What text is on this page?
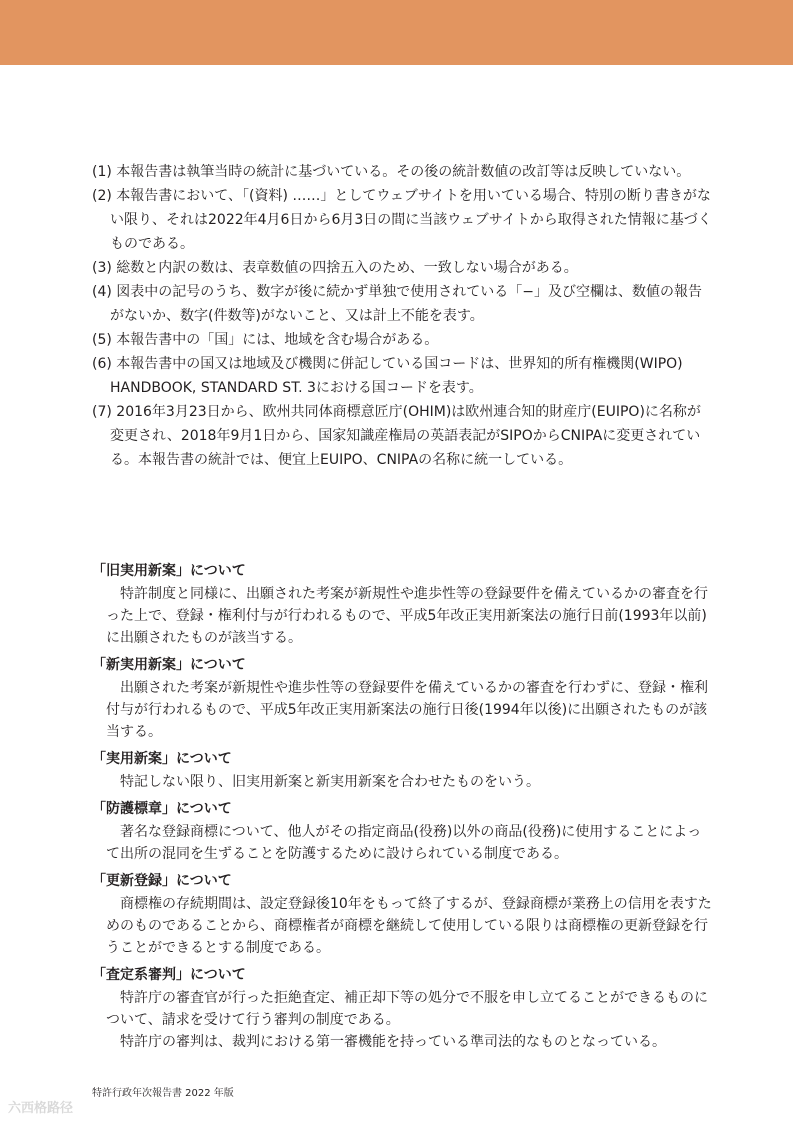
(1) 本報告書は執筆当時の統計に基づいている。その後の統計数値の改訂等は反映していない。

(2) 本報告書において、「(資料) ……」としてウェブサイトを用いている場合、特別の断り書きがない限り、それは2022年4月6日から6月3日の間に当該ウェブサイトから取得された情報に基づくものである。

(3) 総数と内訳の数は、表章数値の四捨五入のため、一致しない場合がある。

(4) 図表中の記号のうち、数字が後に続かず単独で使用されている「−」及び空欄は、数値の報告がないか、数字(件数等)がないこと、又は計上不能を表す。

(5) 本報告書中の「国」には、地域を含む場合がある。

(6) 本報告書中の国又は地域及び機関に併記している国コードは、世界知的所有権機関(WIPO) HANDBOOK, STANDARD ST. 3における国コードを表す。

(7) 2016年3月23日から、欧州共同体商標意匠庁(OHIM)は欧州連合知的財産庁(EUIPO)に名称が変更され、2018年9月1日から、国家知識産権局の英語表記がSIPOからCNIPAに変更されている。本報告書の統計では、便宜上EUIPO、CNIPAの名称に統一している。

「旧実用新案」について

特許制度と同様に、出願された考案が新規性や進歩性等の登録要件を備えているかの審査を行った上で、登録・権利付与が行われるもので、平成5年改正実用新案法の施行日前(1993年以前)に出願されたものが該当する。

「新実用新案」について

出願された考案が新規性や進歩性等の登録要件を備えているかの審査を行わずに、登録・権利付与が行われるもので、平成5年改正実用新案法の施行日後(1994年以後)に出願されたものが該当する。

「実用新案」について

特記しない限り、旧実用新案と新実用新案を合わせたものをいう。

「防護標章」について

著名な登録商標について、他人がその指定商品(役務)以外の商品(役務)に使用することによって出所の混同を生ずることを防護するために設けられている制度である。

「更新登録」について

商標権の存続期間は、設定登録後10年をもって終了するが、登録商標が業務上の信用を表すためのものであることから、商標権者が商標を継続して使用している限りは商標権の更新登録を行うことができるとする制度である。

「査定系審判」について

特許庁の審査官が行った拒絶査定、補正却下等の処分で不服を申し立てることができるものについて、請求を受けて行う審判の制度である。

特許庁の審判は、裁判における第一審機能を持っている準司法的なものとなっている。

特許行政年次報告書 2022 年版
六西格路径
